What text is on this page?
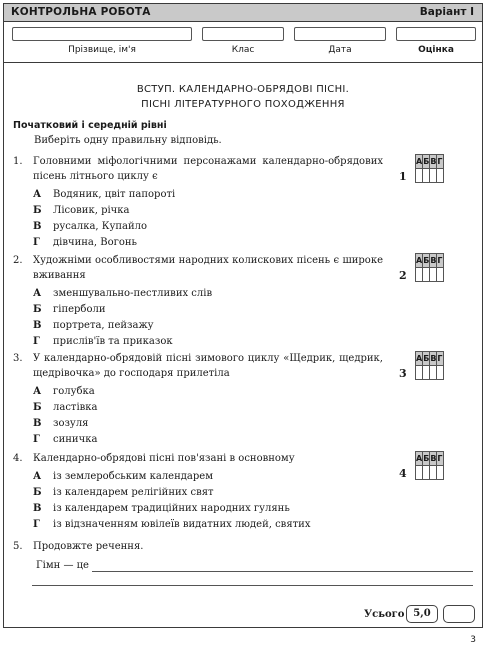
КОНТРОЛЬНА РОБОТА	Варіант І
Прізвище, ім'я	Клас	Дата	Оцінка
ВСТУП. КАЛЕНДАРНО-ОБРЯДОВІ ПІСНІ.
ПІСНІ ЛІТЕРАТУРНОГО ПОХОДЖЕННЯ
Початковий і середній рівні
Виберіть одну правильну відповідь.
1.	Головними міфологічними персонажами календарно-обрядових пісень літнього циклу є
А	Водяник, цвіт папороті
Б	Лісовик, річка
В	русалка, Купайло
Г	дівчина, Вогонь
1
А	Б	В	Г

2.	Художніми особливостями народних колискових пісень є широке вживання
А	зменшувально-пестливих слів
Б	гіперболи
В	портрета, пейзажу
Г	прислів'їв та приказок
2
А	Б	В	Г

3.	У календарно-обрядовій пісні зимового циклу «Щедрик, щедрик, щедрівочка» до господаря прилетіла
А	голубка
Б	ластівка
В	зозуля
Г	синичка
3
А	Б	В	Г

4.	Календарно-обрядові пісні пов'язані в основному
А	із землеробським календарем
Б	із календарем релігійних свят
В	із календарем традиційних народних гулянь
Г	із відзначенням ювілеїв видатних людей, святих
4
А	Б	В	Г

5. Продовжте речення.
Гімн — це
Усього 5,0
3
